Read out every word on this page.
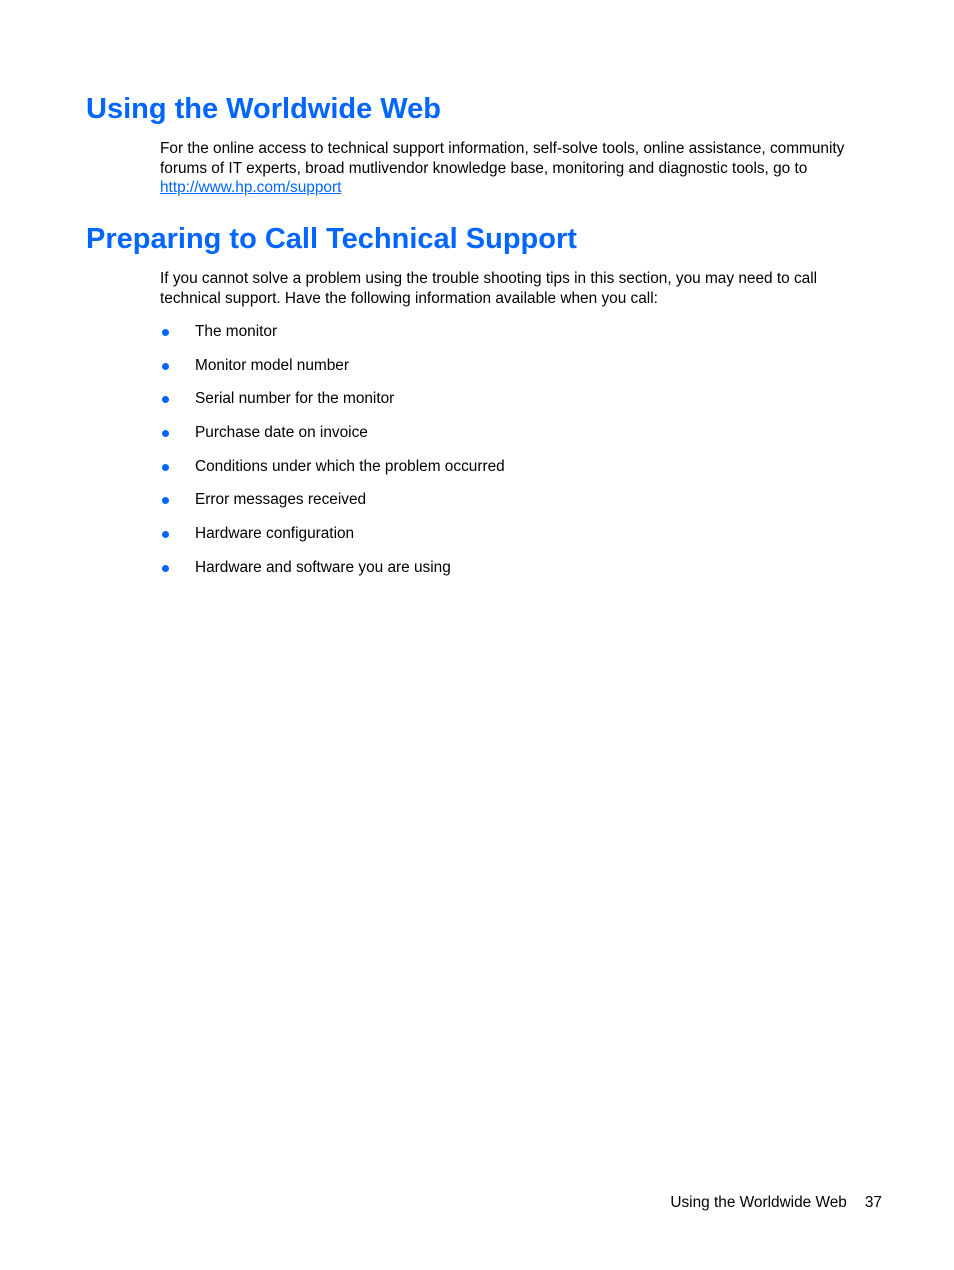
Using the Worldwide Web

For the online access to technical support information, self-solve tools, online assistance, community
forums of IT experts, broad mutlivendor knowledge base, monitoring and diagnostic tools, go to
http://www.hp.com/support

Preparing to Call Technical Support

If you cannot solve a problem using the trouble shooting tips in this section, you may need to call
technical support. Have the following information available when you call:

The monitor
Monitor model number
Serial number for the monitor
Purchase date on invoice
Conditions under which the problem occurred
Error messages received
Hardware configuration
Hardware and software you are using
Using the Worldwide Web 37
